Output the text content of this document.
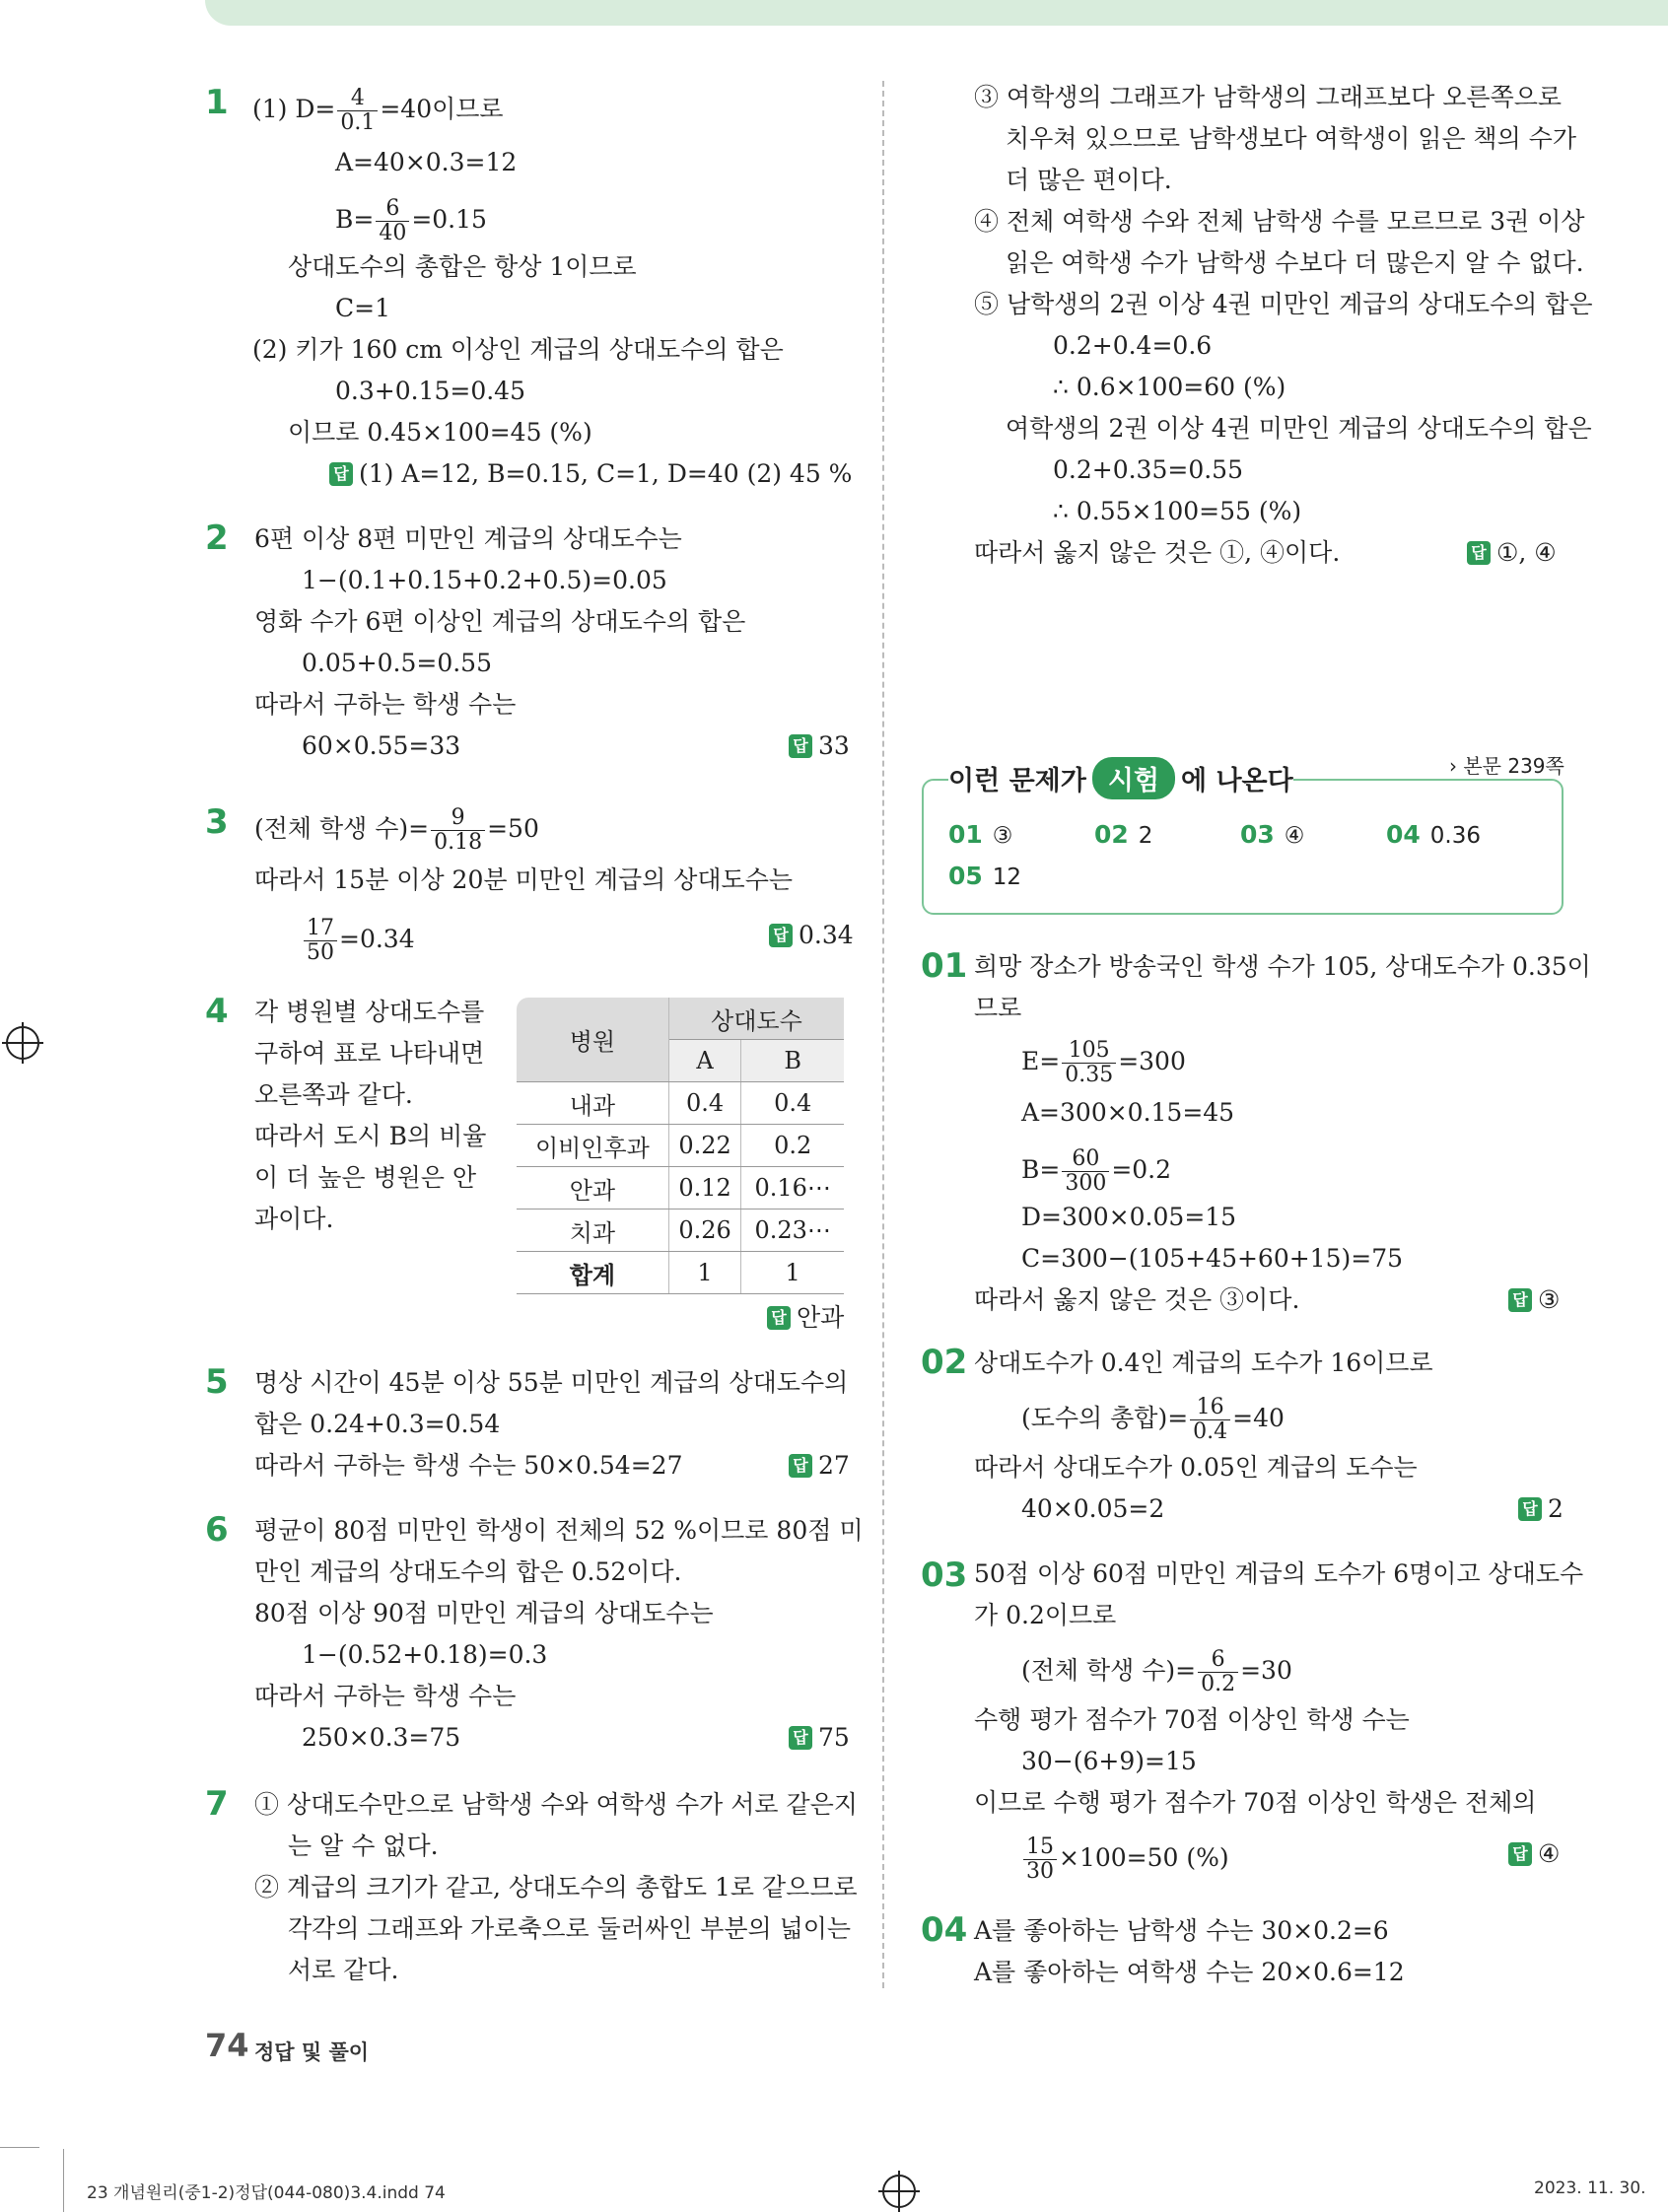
1 (1) $D= \frac{4}{0.1} =40$이므로
A=40×0.3=12
$B= \frac{6}{40} =0.15$
상대도수의 총합은 항상 1이므로
C=1
(2) 키가 160 cm 이상인 계급의 상대도수의 합은
0.3+0.15=0.45
이므로 0.45×100=45 (%)
답 (1) A=12, B=0.15, C=1, D=40 (2) 45 %
2 6편 이상 8편 미만인 계급의 상대도수는
1−(0.1+0.15+0.2+0.5)=0.05
영화 수가 6편 이상인 계급의 상대도수의 합은
0.05+0.5=0.55
따라서 구하는 학생 수는
60×0.55=33	답 33
3 (전체 학생 수)= $\frac{9}{0.18} =50$
따라서 15분 이상 20분 미만인 계급의 상대도수는
$\frac{17}{50} =0.34$	답 0.34
4 각 병원별 상대도수를
구하여 표로 나타내면
오른쪽과 같다.
따라서 도시 B의 비율
이 더 높은 병원은 안
과이다.
병원	상대도수	
	A	B
내과	0.4	0.4
이비인후과	0.22	0.2
안과	0.12	0.16⋯
치과	0.26	0.23⋯
합계	1	1
답 안과
5 명상 시간이 45분 이상 55분 미만인 계급의 상대도수의
합은 0.24+0.3=0.54
따라서 구하는 학생 수는 50×0.54=27	답 27
6 평균이 80점 미만인 학생이 전체의 52 %이므로 80점 미
만인 계급의 상대도수의 합은 0.52이다.
80점 이상 90점 미만인 계급의 상대도수는
1−(0.52+0.18)=0.3
따라서 구하는 학생 수는
250×0.3=75	답 75
7 ① 상대도수만으로 남학생 수와 여학생 수가 서로 같은지
는 알 수 없다.
② 계급의 크기가 같고, 상대도수의 총합도 1로 같으므로
각각의 그래프와 가로축으로 둘러싸인 부분의 넓이는
서로 같다.
③ 여학생의 그래프가 남학생의 그래프보다 오른쪽으로
치우쳐 있으므로 남학생보다 여학생이 읽은 책의 수가
더 많은 편이다.
④ 전체 여학생 수와 전체 남학생 수를 모르므로 3권 이상
읽은 여학생 수가 남학생 수보다 더 많은지 알 수 없다.
⑤ 남학생의 2권 이상 4권 미만인 계급의 상대도수의 합은
0.2+0.4=0.6
∴ 0.6×100=60 (%)
여학생의 2권 이상 4권 미만인 계급의 상대도수의 합은
0.2+0.35=0.55
∴ 0.55×100=55 (%)
따라서 옳지 않은 것은 ①, ④이다.	답 ①, ④
› 본문 239쪽
이런 문제가 시험 에 나온다
01 ③	02 2	03 ④	04 0.36
05 12
01 희망 장소가 방송국인 학생 수가 105, 상대도수가 0.35이
므로
$E= \frac{105}{0.35} =300$
A=300×0.15=45
$B= \frac{60}{300} =0.2$
D=300×0.05=15
C=300−(105+45+60+15)=75
따라서 옳지 않은 것은 ③이다.	답 ③
02 상대도수가 0.4인 계급의 도수가 16이므로
(도수의 총합)= $\frac{16}{0.4} =40$
따라서 상대도수가 0.05인 계급의 도수는
40×0.05=2	답 2
03 50점 이상 60점 미만인 계급의 도수가 6명이고 상대도수
가 0.2이므로
(전체 학생 수)= $\frac{6}{0.2} =30$
수행 평가 점수가 70점 이상인 학생 수는
30−(6+9)=15
이므로 수행 평가 점수가 70점 이상인 학생은 전체의
$\frac{15}{30} \times 100=50$ (%)	답 ④
04 A를 좋아하는 남학생 수는 30×0.2=6
A를 좋아하는 여학생 수는 20×0.6=12
74 정답 및 풀이
23 개념원리(중1-2)정답(044-080)3.4.indd 74	2023. 11. 30.
